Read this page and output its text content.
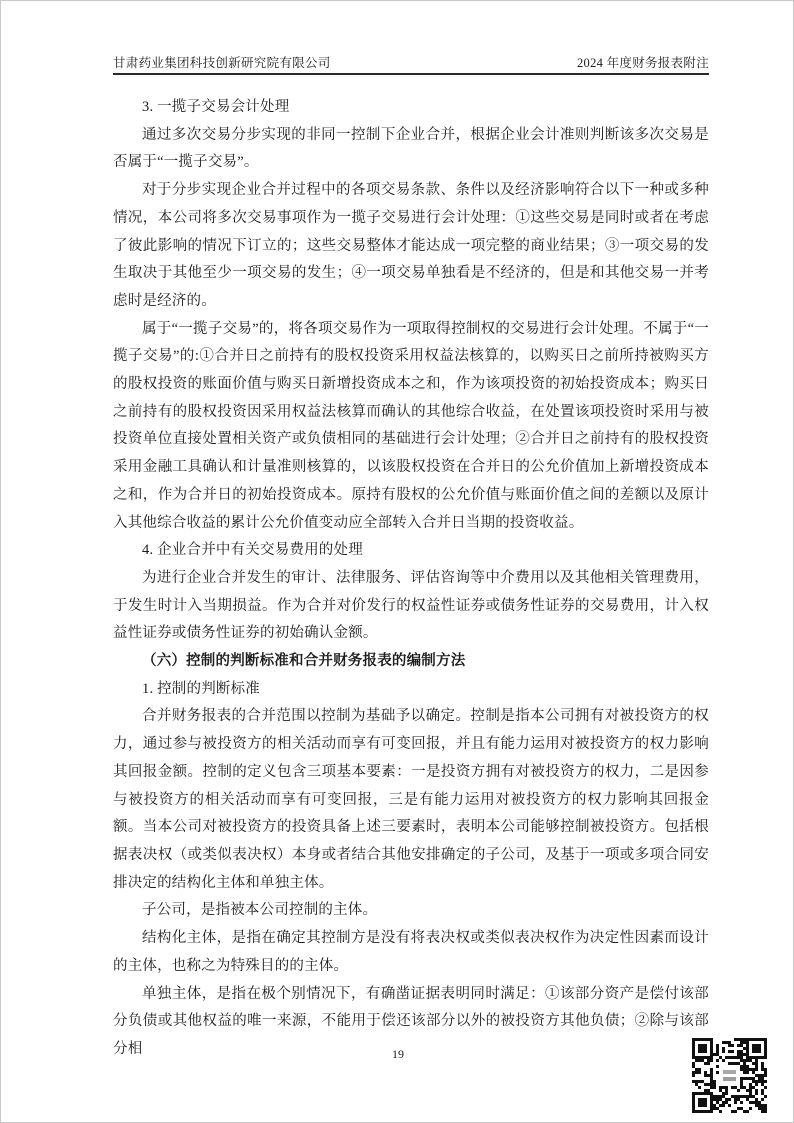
甘肃药业集团科技创新研究院有限公司	2024 年度财务报表附注

3. 一揽子交易会计处理

通过多次交易分步实现的非同一控制下企业合并，根据企业会计准则判断该多次交易是否属于“一揽子交易”。

对于分步实现企业合并过程中的各项交易条款、条件以及经济影响符合以下一种或多种情况，本公司将多次交易事项作为一揽子交易进行会计处理：①这些交易是同时或者在考虑了彼此影响的情况下订立的；这些交易整体才能达成一项完整的商业结果；③一项交易的发生取决于其他至少一项交易的发生；④一项交易单独看是不经济的，但是和其他交易一并考虑时是经济的。

属于“一揽子交易”的，将各项交易作为一项取得控制权的交易进行会计处理。不属于“一揽子交易”的:①合并日之前持有的股权投资采用权益法核算的，以购买日之前所持被购买方的股权投资的账面价值与购买日新增投资成本之和，作为该项投资的初始投资成本；购买日之前持有的股权投资因采用权益法核算而确认的其他综合收益，在处置该项投资时采用与被投资单位直接处置相关资产或负债相同的基础进行会计处理；②合并日之前持有的股权投资采用金融工具确认和计量准则核算的，以该股权投资在合并日的公允价值加上新增投资成本之和，作为合并日的初始投资成本。原持有股权的公允价值与账面价值之间的差额以及原计入其他综合收益的累计公允价值变动应全部转入合并日当期的投资收益。

4. 企业合并中有关交易费用的处理

为进行企业合并发生的审计、法律服务、评估咨询等中介费用以及其他相关管理费用，于发生时计入当期损益。作为合并对价发行的权益性证券或债务性证券的交易费用，计入权益性证券或债务性证券的初始确认金额。

（六）控制的判断标准和合并财务报表的编制方法

1. 控制的判断标准

合并财务报表的合并范围以控制为基础予以确定。控制是指本公司拥有对被投资方的权力，通过参与被投资方的相关活动而享有可变回报，并且有能力运用对被投资方的权力影响其回报金额。控制的定义包含三项基本要素：一是投资方拥有对被投资方的权力，二是因参与被投资方的相关活动而享有可变回报，三是有能力运用对被投资方的权力影响其回报金额。当本公司对被投资方的投资具备上述三要素时，表明本公司能够控制被投资方。包括根据表决权（或类似表决权）本身或者结合其他安排确定的子公司，及基于一项或多项合同安排决定的结构化主体和单独主体。

子公司，是指被本公司控制的主体。

结构化主体，是指在确定其控制方是没有将表决权或类似表决权作为决定性因素而设计的主体，也称之为特殊目的的主体。

单独主体，是指在极个别情况下，有确凿证据表明同时满足：①该部分资产是偿付该部分负债或其他权益的唯一来源，不能用于偿还该部分以外的被投资方其他负债；②除与该部分相	19
